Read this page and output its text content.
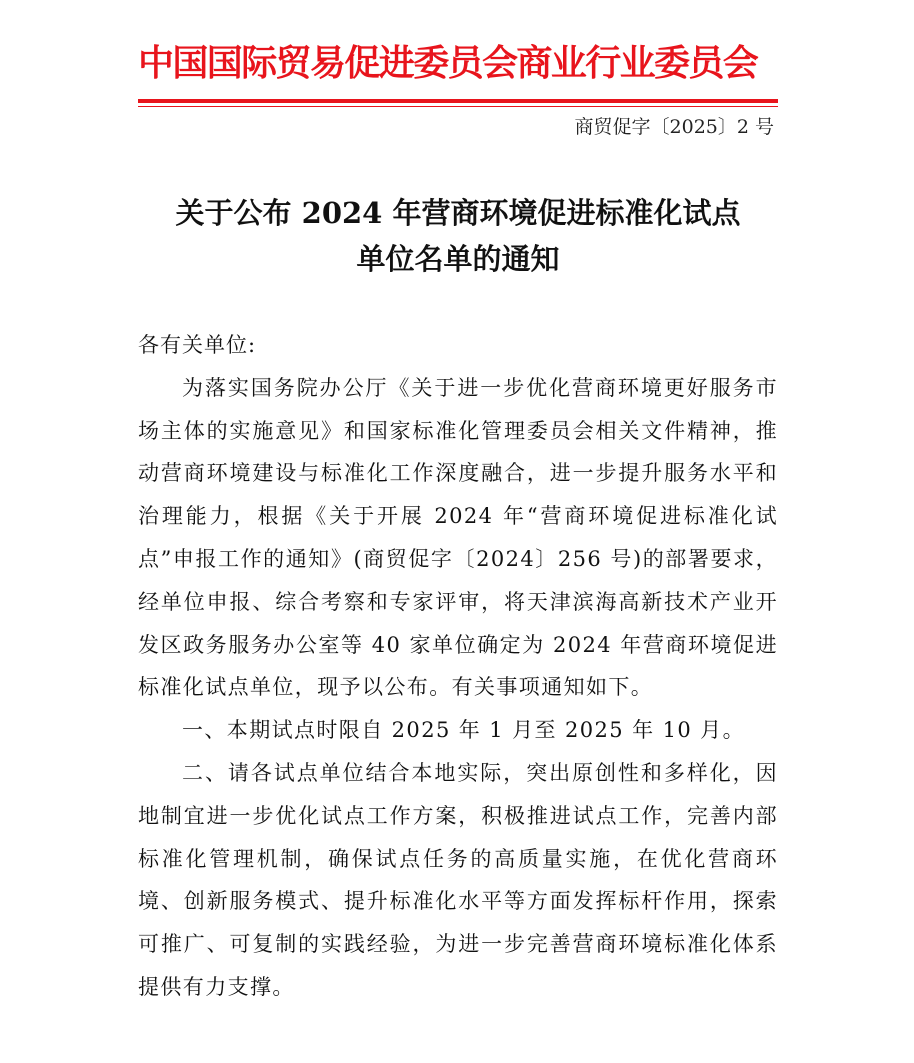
中国国际贸易促进委员会商业行业委员会
商贸促字〔2025〕2 号
关于公布 2024 年营商环境促进标准化试点
单位名单的通知

各有关单位:

为落实国务院办公厅《关于进一步优化营商环境更好服务市场主体的实施意见》和国家标准化管理委员会相关文件精神，推动营商环境建设与标准化工作深度融合，进一步提升服务水平和治理能力，根据《关于开展 2024 年“营商环境促进标准化试点”申报工作的通知》(商贸促字〔2024〕256 号)的部署要求，经单位申报、综合考察和专家评审，将天津滨海高新技术产业开发区政务服务办公室等 40 家单位确定为 2024 年营商环境促进标准化试点单位，现予以公布。有关事项通知如下。

一、本期试点时限自 2025 年 1 月至 2025 年 10 月。

二、请各试点单位结合本地实际，突出原创性和多样化，因地制宜进一步优化试点工作方案，积极推进试点工作，完善内部标准化管理机制，确保试点任务的高质量实施，在优化营商环境、创新服务模式、提升标准化水平等方面发挥标杆作用，探索可推广、可复制的实践经验，为进一步完善营商环境标准化体系提供有力支撑。
